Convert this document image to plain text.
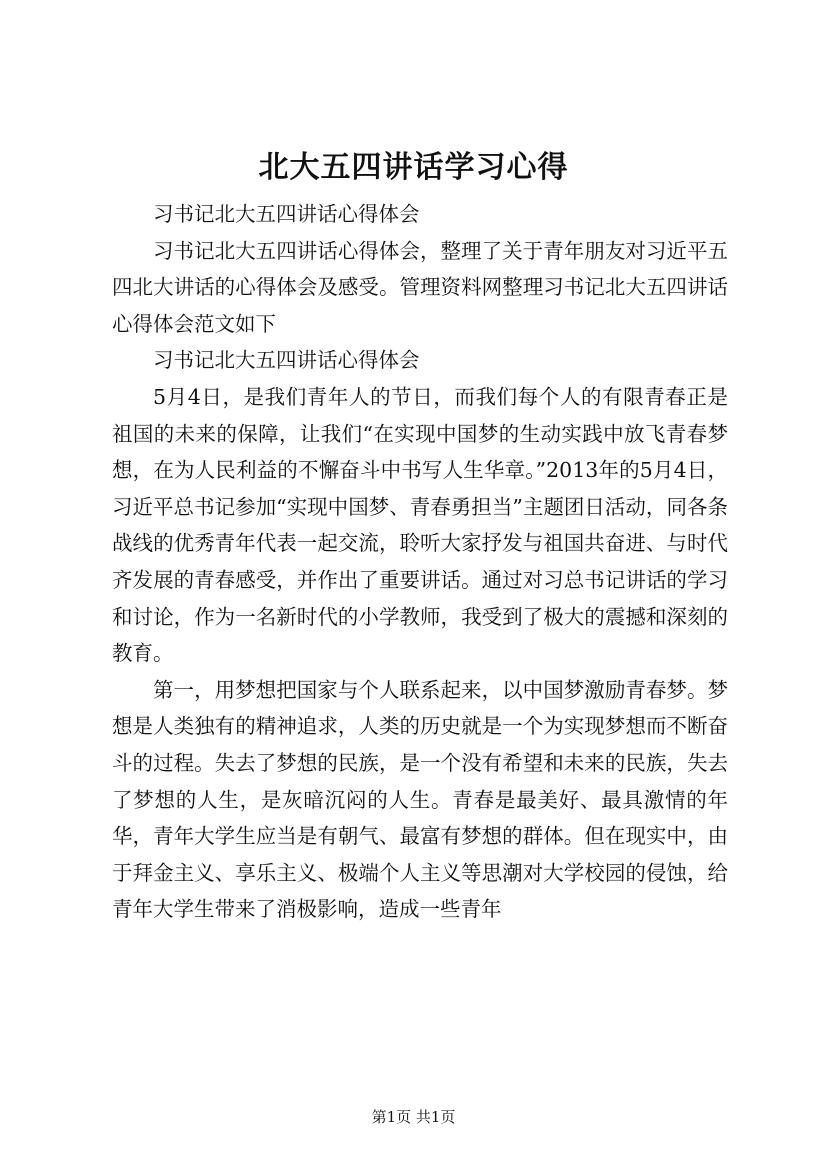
北大五四讲话学习心得

习书记北大五四讲话心得体会

习书记北大五四讲话心得体会，整理了关于青年朋友对习近平五四北大讲话的心得体会及感受。管理资料网整理习书记北大五四讲话心得体会范文如下

习书记北大五四讲话心得体会

5月4日，是我们青年人的节日，而我们每个人的有限青春正是祖国的未来的保障，让我们“在实现中国梦的生动实践中放飞青春梦想，在为人民利益的不懈奋斗中书写人生华章。”2013年的5月4日，习近平总书记参加“实现中国梦、青春勇担当”主题团日活动，同各条战线的优秀青年代表一起交流，聆听大家抒发与祖国共奋进、与时代齐发展的青春感受，并作出了重要讲话。通过对习总书记讲话的学习和讨论，作为一名新时代的小学教师，我受到了极大的震撼和深刻的教育。

第一，用梦想把国家与个人联系起来，以中国梦激励青春梦。梦想是人类独有的精神追求，人类的历史就是一个为实现梦想而不断奋斗的过程。失去了梦想的民族，是一个没有希望和未来的民族，失去了梦想的人生，是灰暗沉闷的人生。青春是最美好、最具激情的年华，青年大学生应当是有朝气、最富有梦想的群体。但在现实中，由于拜金主义、享乐主义、极端个人主义等思潮对大学校园的侵蚀，给青年大学生带来了消极影响，造成一些青年

第1页 共1页
